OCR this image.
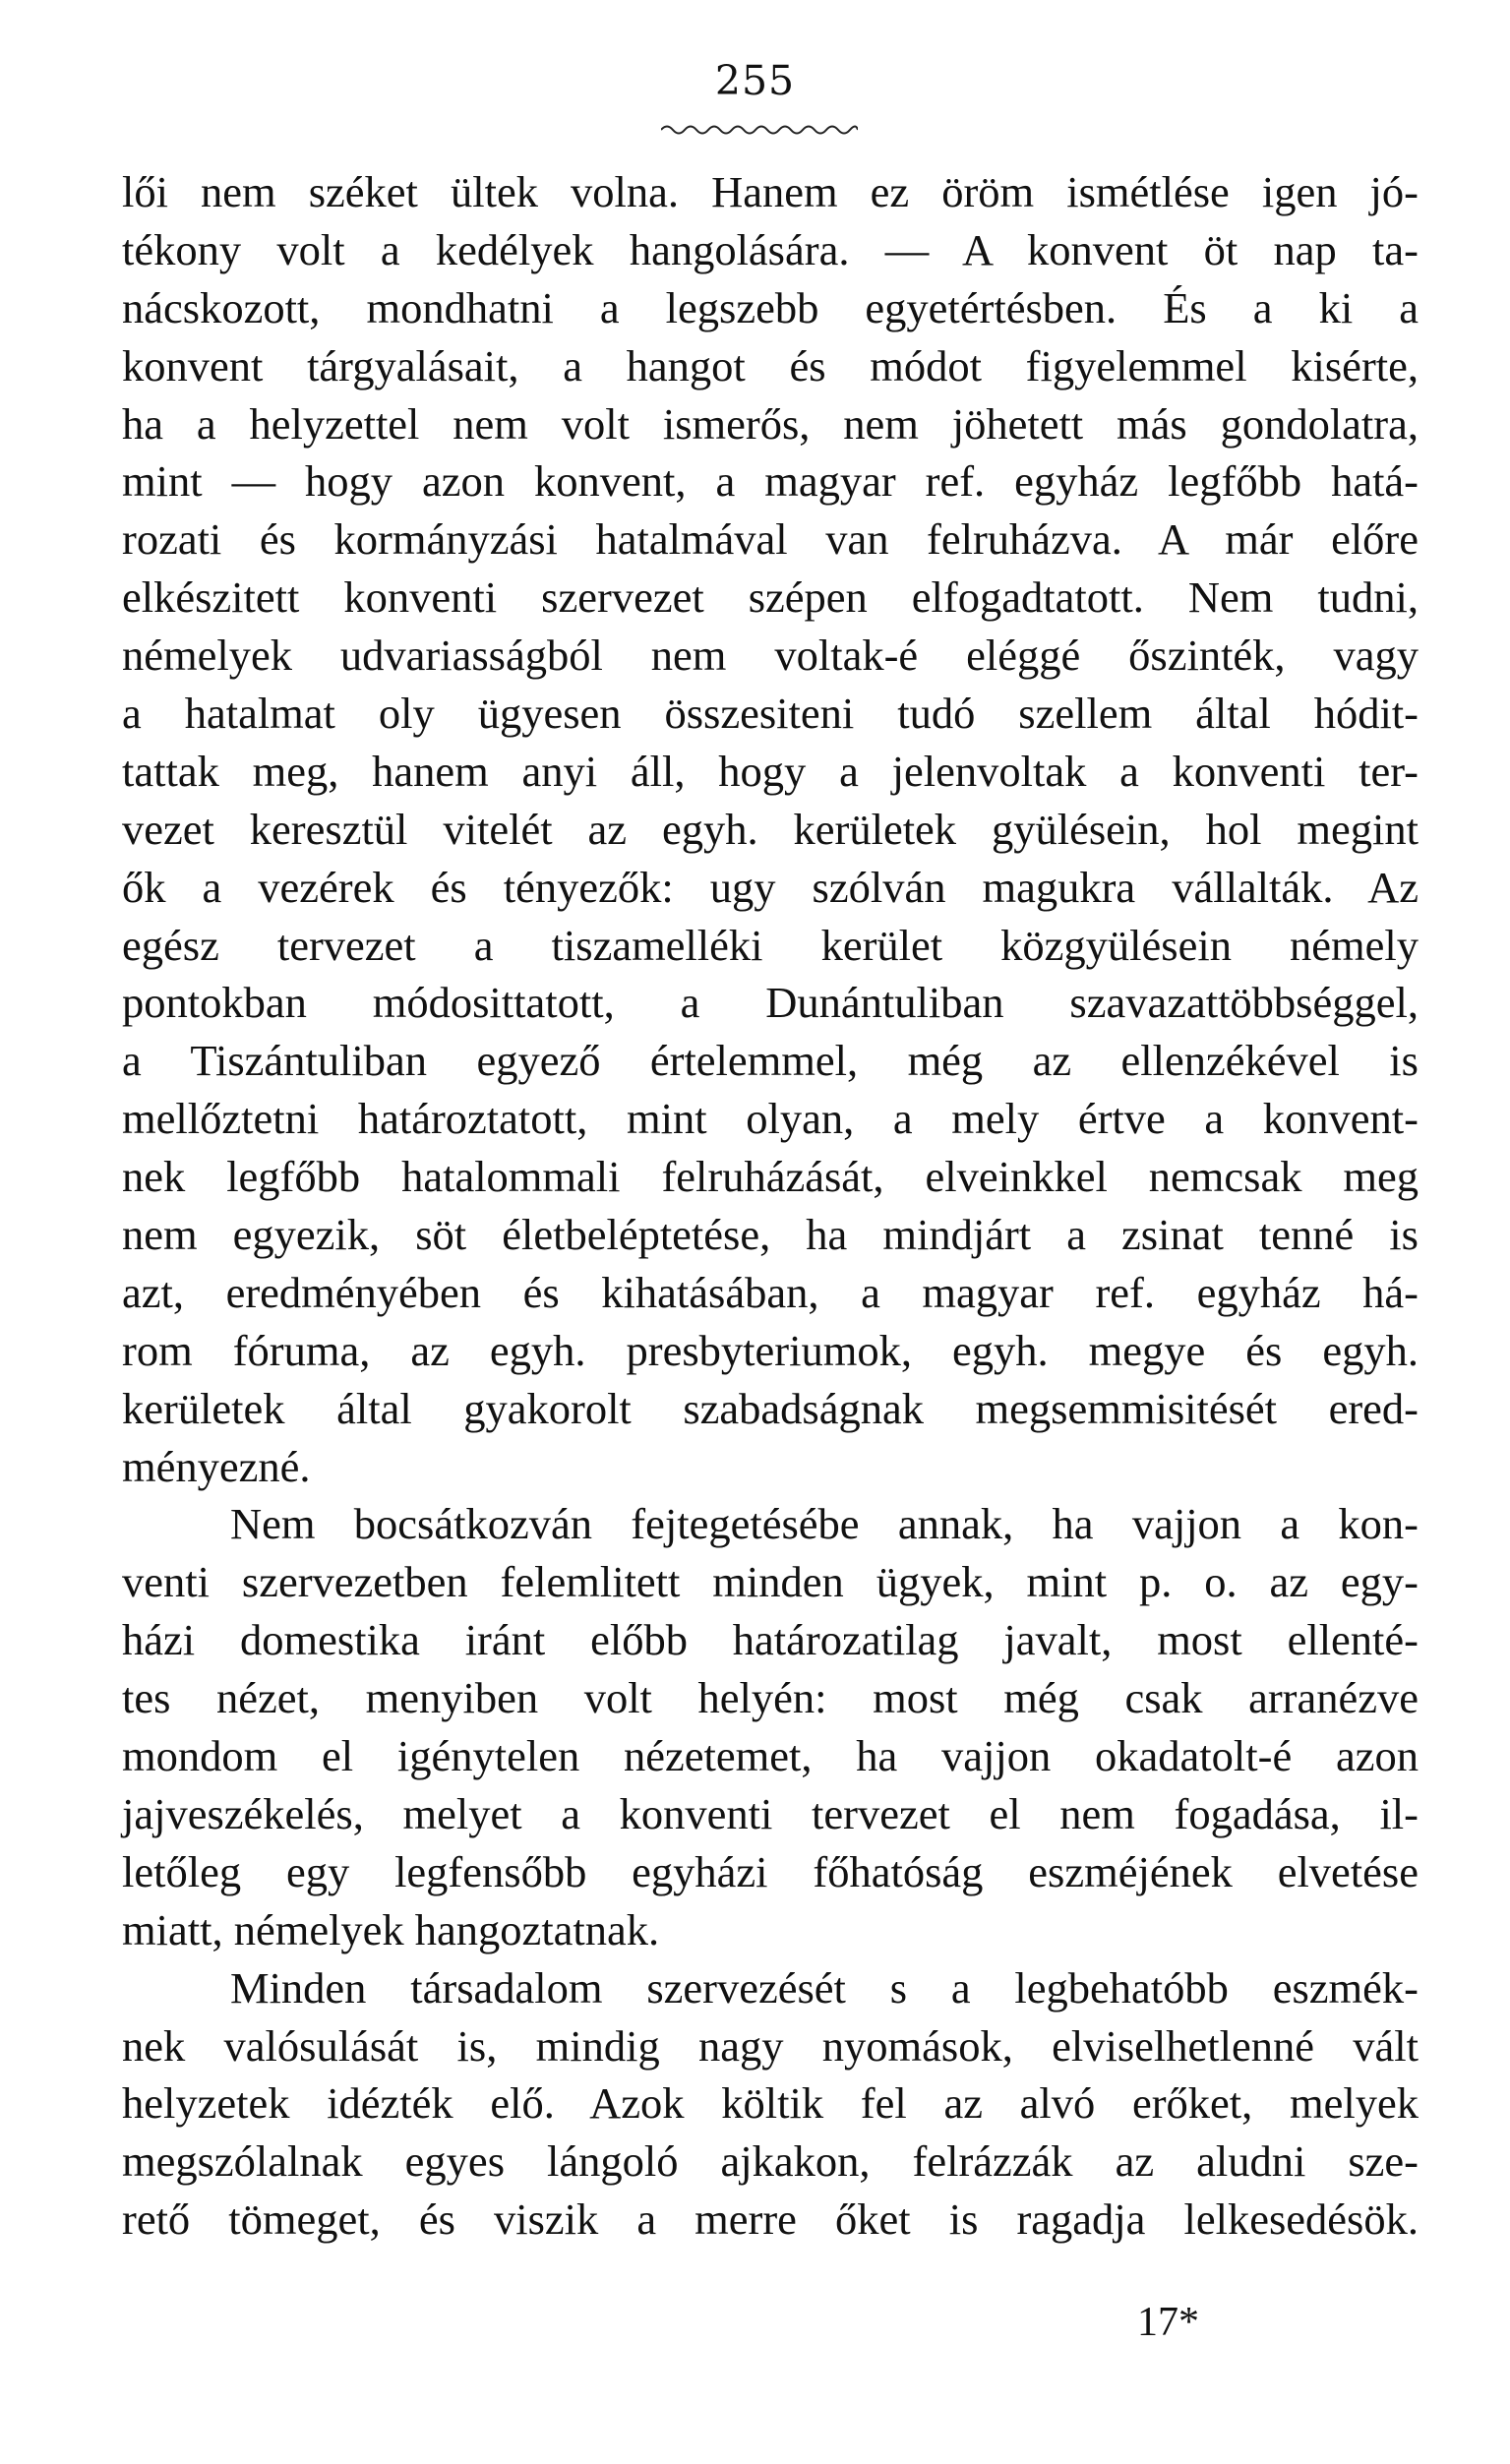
255
lői nem széket ültek volna. Hanem ez öröm ismétlése igen jó-
tékony volt a kedélyek hangolására. — A konvent öt nap ta-
nácskozott, mondhatni a legszebb egyetértésben. És a ki a
konvent tárgyalásait, a hangot és módot figyelemmel kisérte,
ha a helyzettel nem volt ismerős, nem jöhetett más gondolatra,
mint — hogy azon konvent, a magyar ref. egyház legfőbb hatá-
rozati és kormányzási hatalmával van felruházva. A már előre
elkészitett konventi szervezet szépen elfogadtatott. Nem tudni,
némelyek udvariasságból nem voltak-é eléggé őszinték, vagy
a hatalmat oly ügyesen összesiteni tudó szellem által hódit-
tattak meg, hanem anyi áll, hogy a jelenvoltak a konventi ter-
vezet keresztül vitelét az egyh. kerületek gyülésein, hol megint
ők a vezérek és tényezők: ugy szólván magukra vállalták. Az
egész tervezet a tiszamelléki kerület közgyülésein némely
pontokban módosittatott, a Dunántuliban szavazattöbbséggel,
a Tiszántuliban egyező értelemmel, még az ellenzékével is
mellőztetni határoztatott, mint olyan, a mely értve a konvent-
nek legfőbb hatalommali felruházását, elveinkkel nemcsak meg
nem egyezik, söt életbeléptetése, ha mindjárt a zsinat tenné is
azt, eredményében és kihatásában, a magyar ref. egyház há-
rom fóruma, az egyh. presbyteriumok, egyh. megye és egyh.
kerületek által gyakorolt szabadságnak megsemmisitését ered-
ményezné.
Nem bocsátkozván fejtegetésébe annak, ha vajjon a kon-
venti szervezetben felemlitett minden ügyek, mint p. o. az egy-
házi domestika iránt előbb határozatilag javalt, most ellenté-
tes nézet, menyiben volt helyén: most még csak arranézve
mondom el igénytelen nézetemet, ha vajjon okadatolt-é azon
jajveszékelés, melyet a konventi tervezet el nem fogadása, il-
letőleg egy legfensőbb egyházi főhatóság eszméjének elvetése
miatt, némelyek hangoztatnak.
Minden társadalom szervezését s a legbehatóbb eszmék-
nek valósulását is, mindig nagy nyomások, elviselhetlenné vált
helyzetek idézték elő. Azok költik fel az alvó erőket, melyek
megszólalnak egyes lángoló ajkakon, felrázzák az aludni sze-
rető tömeget, és viszik a merre őket is ragadja lelkesedésök.
17*
